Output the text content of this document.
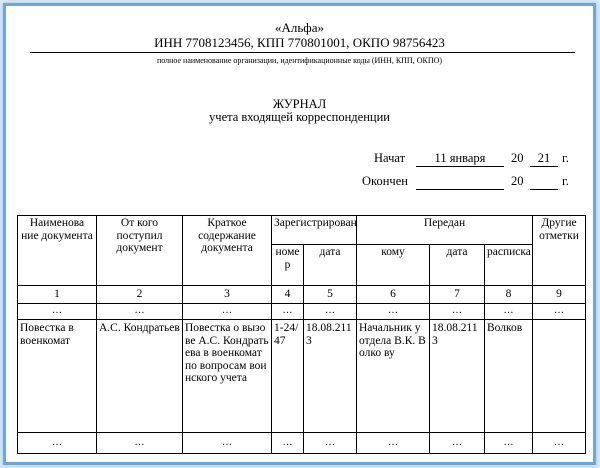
«Альфа»
ИНН 7708123456, КПП 770801001, ОКПО 98756423
полное наименование организации, идентификационные коды (ИНН, КПП, ОКПО)
ЖУРНАЛ
учета входящей корреспонденции
Начат	11 января	20	21 г.
Окончен	20	г.
Наименова ние документа	От кого поступил документ	Краткое содержание документа	Зарегистрирован		Передан			Другие отметки
			номе р	дата	кому	дата	расписка	
1	2	3	4	5	6	7	8	9
…	…	…	…	…	…	…	…	…
Повестка в военкомат	А.С. Кондратьев	Повестка о вызове А.С. Кондратьева в военкомат по вопросам воинского учета	1-24/47	18.08.2113	Начальник у отдела В.К. Волко ву	18.08.2113	Волков	
…	…	…	…	…	…	…	…	…
